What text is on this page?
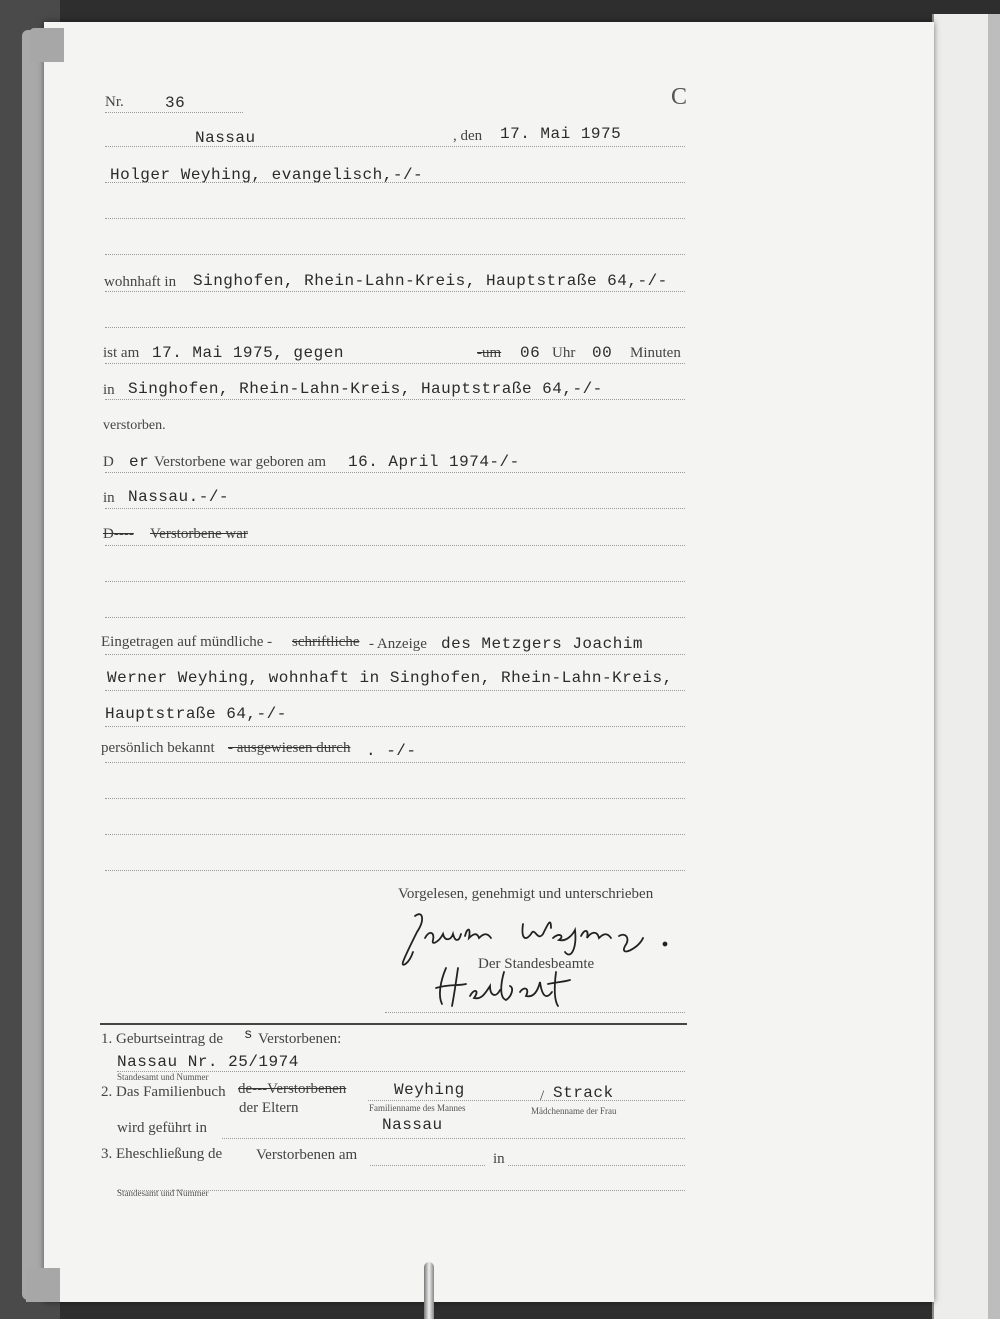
Nr.	36	C
Nassau	, den 17. Mai 1975
Holger Weyhing, evangelisch,-/-
wohnhaft in Singhofen, Rhein-Lahn-Kreis, Hauptstraße 64,-/-
ist am 17. Mai 1975, gegen	-um 06 Uhr 00 Minuten
in Singhofen, Rhein-Lahn-Kreis, Hauptstraße 64,-/-
verstorben.
D er Verstorbene war geboren am 16. April 1974-/-
in Nassau.-/-
D---- Verstorbene war
Eingetragen auf mündliche - schriftliche - Anzeige des Metzgers Joachim
Werner Weyhing, wohnhaft in Singhofen, Rhein-Lahn-Kreis,
Hauptstraße 64,-/-
persönlich bekannt - ausgewiesen durch . -/-
Vorgelesen, genehmigt und unterschrieben
Der Standesbeamte
1. Geburtseintrag de s Verstorbenen:
Nassau Nr. 25/1974
Standesamt und Nummer
2. Das Familienbuch de---Verstorbenen	Weyhing	/ Strack
der Eltern	Familienname des Mannes	Mädchenname der Frau
wird geführt in	Nassau
3. Eheschließung de Verstorbenen am	in
Standesamt und Nummer
